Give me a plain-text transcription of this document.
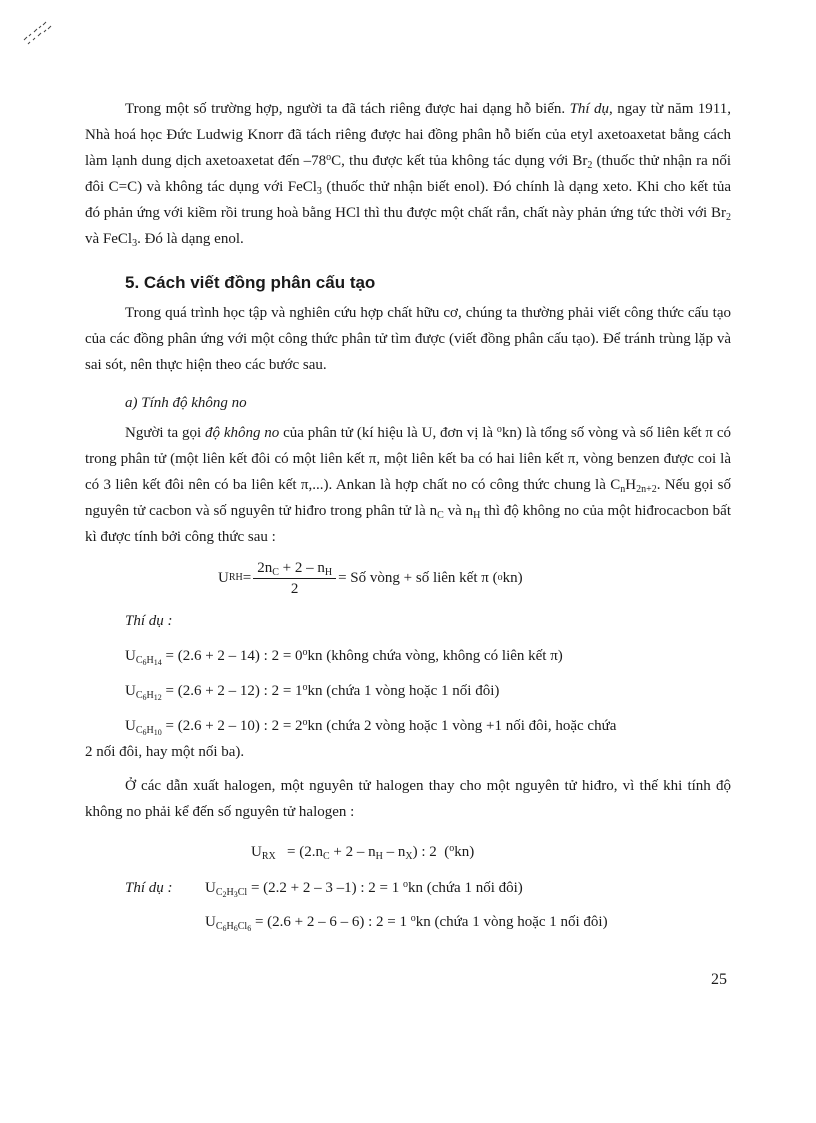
Trong một số trường hợp, người ta đã tách riêng được hai dạng hỗ biến. Thí dụ, ngay từ năm 1911, Nhà hoá học Đức Ludwig Knorr đã tách riêng được hai đồng phân hỗ biến của etyl axetoaxetat bằng cách làm lạnh dung dịch axetoaxetat đến –78$^o$C, thu được kết tủa không tác dụng với $Br_2$ (thuốc thử nhận ra nối đôi C=C) và không tác dụng với FeCl$_3$ (thuốc thử nhận biết enol). Đó chính là dạng xeto. Khi cho kết tủa đó phản ứng với kiềm rồi trung hoà bằng HCl thì thu được một chất rắn, chất này phản ứng tức thời với $Br_2$ và FeCl$_3$. Đó là dạng enol.

5. Cách viết đồng phân cấu tạo

Trong quá trình học tập và nghiên cứu hợp chất hữu cơ, chúng ta thường phải viết công thức cấu tạo của các đồng phân ứng với một công thức phân tử tìm được (viết đồng phân cấu tạo). Để tránh trùng lặp và sai sót, nên thực hiện theo các bước sau.

a) Tính độ không no

Người ta gọi độ không no của phân tử (kí hiệu là U, đơn vị là $^o$kn) là tổng số vòng và số liên kết π có trong phân tử (một liên kết đôi có một liên kết π, một liên kết ba có hai liên kết π, vòng benzen được coi là có 3 liên kết đôi nên có ba liên kết π,...). Ankan là hợp chất no có công thức chung là $C_nH_{2n+2}$. Nếu gọi số nguyên tử cacbon và số nguyên tử hiđro trong phân tử là $n_C$ và $n_H$ thì độ không no của một hiđrocacbon bất kì được tính bởi công thức sau :

U RH = $\frac{2n_C + 2 - n_H}{2}$ = Số vòng + số liên kết π ( o kn)
Thí dụ :
$U_{C_6H_{14}} = (2.6 + 2 - 14)$ : $2 = 0^okn$ (không chứa vòng, không có liên kết π)
$U_{C_6H_{12}} = (2.6 + 2 - 12)$ : $2 = 1^okn$ (chứa 1 vòng hoặc 1 nối đôi)
$U_{C_6H_{10}} = (2.6 + 2 - 10)$ : $2 = 2^okn$ (chứa 2 vòng hoặc 1 vòng +1 nối đôi, hoặc chứa
2 nối đôi, hay một nối ba).

Ở các dẫn xuất halogen, một nguyên tử halogen thay cho một nguyên tử hiđro, vì thế khi tính độ không no phải kể đến số nguyên tử halogen :

$U_{RX} = (2.n_C + 2 - n_H - n_X)$ : 2  ($^o$kn)
Thí dụ :	$U_{C_2H_3Cl} = (2.2 + 2 - 3$ –1) : 2 = 1 $^o$kn (chứa 1 nối đôi)
$U_{C_6H_6Cl_6} = (2.6 + 2 - 6 - 6)$ : 2 = 1 $^o$kn (chứa 1 vòng hoặc 1 nối đôi)
25
